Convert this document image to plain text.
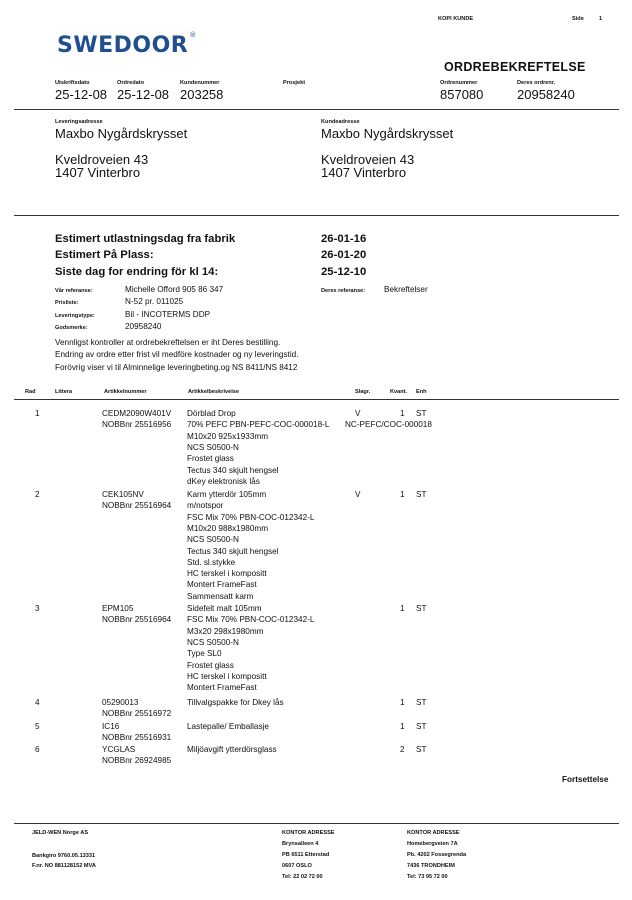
KOPI KUNDE	Side	1
SWEDOOR®
ORDREBEKREFTELSE
Utskriftsdato
25-12-08
Ordredato
25-12-08
Kundenummer
203258
Prosjekt	Ordrenummer
857080
Deres ordrenr.
20958240
Leveringsadresse
Maxbo Nygårdskrysset
Kveldroveien 43
1407 Vinterbro
Kundeadresse
Maxbo Nygårdskrysset
Kveldroveien 43
1407 Vinterbro
Estimert utlastningsdag fra fabrik	26-01-16
Estimert På Plass:	26-01-20
Siste dag for endring för kl 14:	25-12-10
Vår referanse:	Michelle Offord 905 86 347	Deres referanse: Bekreftelser
Prisliste:	N-52 pr. 011025
Leveringstype:	Bil - INCOTERMS DDP
Godsmerke:	20958240
Vennligst kontroller at ordrebekreftelsen er iht Deres bestilling.
Endring av ordre etter frist vil medföre kostnader og ny leveringstid.
Forövrig viser vi til Alminnelige leveringbeting.og NS 8411/NS 8412
Rad	Littera	Artikkelnummer	Artikkelbeskrivelse	Slagr.	Kvant. Enh
1	CEDM2090W401V
NOBBnr 25516956
Dörblad Drop
70% PEFC PBN-PEFC-COC-000018-L
M10x20 925x1933mm
NCS S0500-N
Frostet glass
Tectus 340 skjult hengsel
dKey elektronisk lås
V
NC-PEFC/COC-000018
1 ST
2	CEK105NV
NOBBnr 25516964
Karm ytterdör 105mm
m/notspor
FSC Mix 70% PBN-COC-012342-L
M10x20 988x1980mm
NCS S0500-N
Tectus 340 skjult hengsel
Std. sl.stykke
HC terskel i kompositt
Montert FrameFast
Sammensatt karm
V	1 ST
3	EPM105
NOBBnr 25516964
Sidefelt malt 105mm
FSC Mix 70% PBN-COC-012342-L
M3x20 298x1980mm
NCS S0500-N
Type SL0
Frostet glass
HC terskel i kompositt
Montert FrameFast
1 ST
4	05290013
NOBBnr 25516972
Tillvalgspakke for Dkey lås	1 ST
5	IC16
NOBBnr 25516931
Lastepalle/ Emballasje	1 ST
6	YCGLAS
NOBBnr 26924985
Miljöavgift ytterdörsglass	2 ST
Fortsettelse
JELD-WEN Norge AS
Bankgiro 9760.05.13331
F.nr. NO 881128152 MVA
KONTOR ADRESSE
Brynsalleen 4
PB 6511 Etterstad
0607 OSLO
Tel: 22 02 72 00
KONTOR ADRESSE
Homebergveien 7A
Pb. 4202 Fossegrenda
7436 TRONDHEIM
Tel: 73 95 72 00
